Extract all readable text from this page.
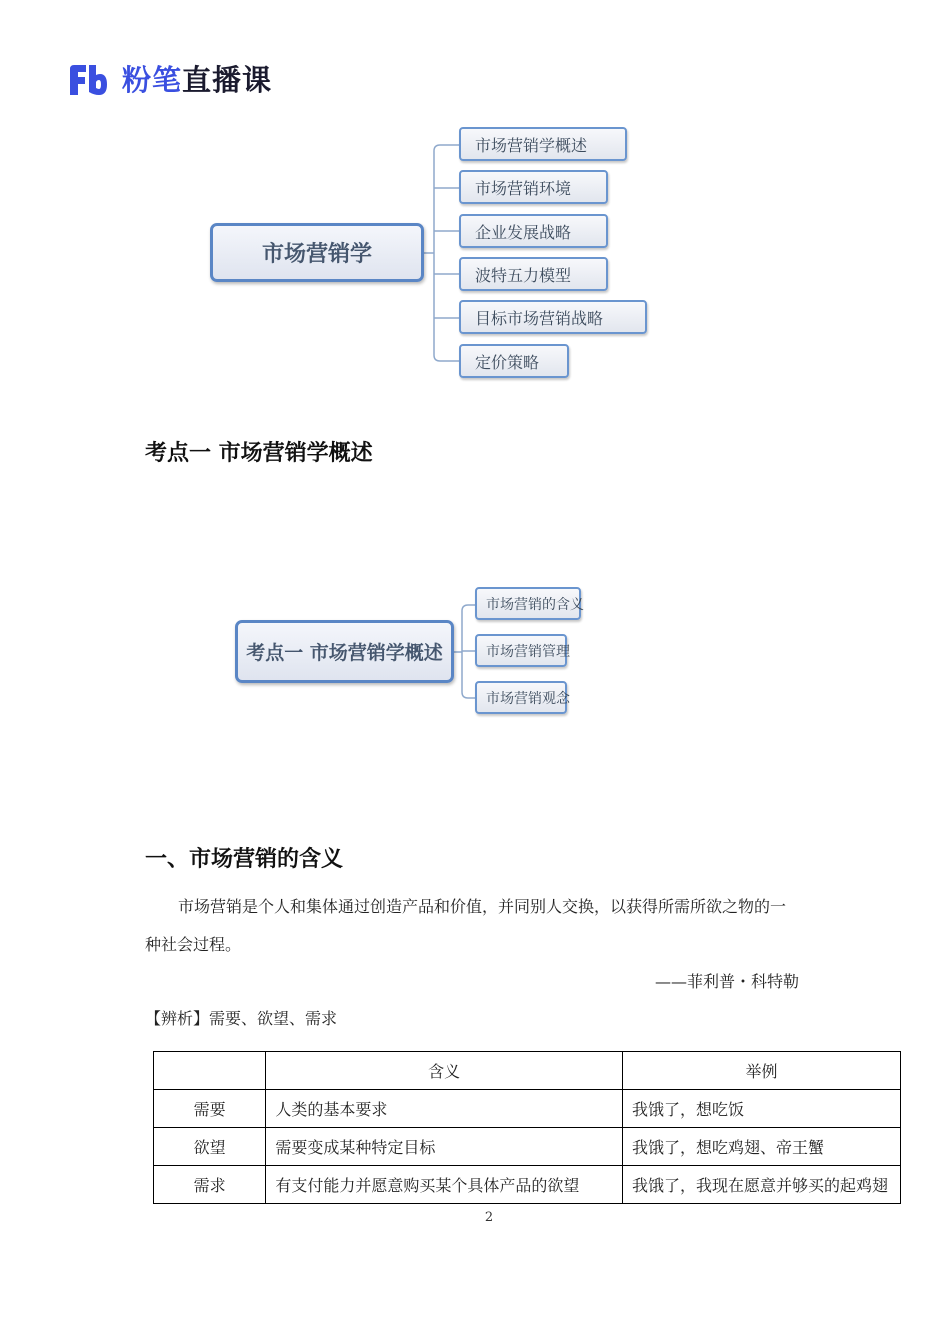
粉笔直播课
市场营销学
市场营销学概述
市场营销环境
企业发展战略
波特五力模型
目标市场营销战略
定价策略
考点一 市场营销学概述
考点一 市场营销学概述
市场营销的含义
市场营销管理
市场营销观念
一、市场营销的含义
市场营销是个人和集体通过创造产品和价值，并同别人交换，以获得所需所欲之物的一
种社会过程。
——菲利普・科特勒
【辨析】需要、欲望、需求
	含义	举例
需要	人类的基本要求	我饿了，想吃饭
欲望	需要变成某种特定目标	我饿了，想吃鸡翅、帝王蟹
需求	有支付能力并愿意购买某个具体产品的欲望	我饿了，我现在愿意并够买的起鸡翅
2
